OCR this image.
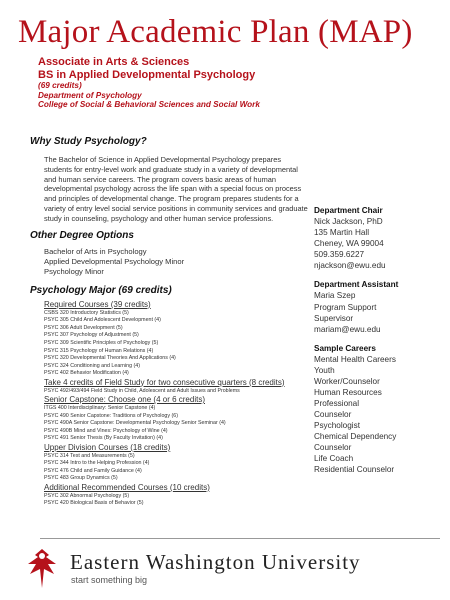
Major Academic Plan (MAP)
Associate in Arts & Sciences
BS in Applied Developmental Psychology
(69 credits)
Department of Psychology
College of Social & Behavioral Sciences and Social Work
Why Study Psychology?

The Bachelor of Science in Applied Developmental Psychology prepares students for entry-level work and graduate study in a variety of developmental and human service careers. The program covers basic areas of human developmental psychology across the life span with a special focus on process and principles of developmental change. The program prepares students for a variety of entry level social service positions in community services and graduate study in counseling, psychology and other human service professions.

Other Degree Options
Bachelor of Arts in Psychology
Applied Developmental Psychology Minor
Psychology Minor
Psychology Major (69 credits)
Required Courses (39 credits)
CSBS 320 Introductory Statistics (5)
PSYC 305 Child And Adolescent Development (4)
PSYC 306 Adult Development (5)
PSYC 307 Psychology of Adjustment (5)
PSYC 309 Scientific Principles of Psychology (5)
PSYC 315 Psychology of Human Relations (4)
PSYC 320 Developmental Theories And Applications (4)
PSYC 324 Conditioning and Learning (4)
PSYC 402 Behavior Modification (4)
Take 4 credits of Field Study for two consecutive quarters (8 credits)
PSYC 492/493/494 Field Study in Child, Adolescent and Adult Issues and Problems
Senior Capstone: Choose one (4 or 6 credits)
ITGS 400 Interdisciplinary: Senior Capstone (4)
PSYC 490 Senior Capstone: Traditions of Psychology (6)
PSYC 490A Senior Capstone: Developmental Psychology Senior Seminar (4)
PSYC 490B Mind and Vines: Psychology of Wine (4)
PSYC 491 Senior Thesis (By Faculty Invitation) (4)
Upper Division Courses (18 credits)
PSYC 314 Test and Measurements (5)
PSYC 344 Intro to the Helping Profession (4)
PSYC 476 Child and Family Guidance (4)
PSYC 483 Group Dynamics (5)
Additional Recommended Courses (10 credits)
PSYC 302 Abnormal Psychology (5)
PSYC 420 Biological Basis of Behavior (5)
Department Chair
Nick Jackson, PhD
135 Martin Hall
Cheney, WA 99004
509.359.6227
njackson@ewu.edu
Department Assistant
Maria Szep
Program Support
Supervisor
mariam@ewu.edu
Sample Careers
Mental Health Careers
Youth
Worker/Counselor
Human Resources
Professional
Counselor
Psychologist
Chemical Dependency
Counselor
Life Coach
Residential Counselor
Eastern Washington University
start something big
